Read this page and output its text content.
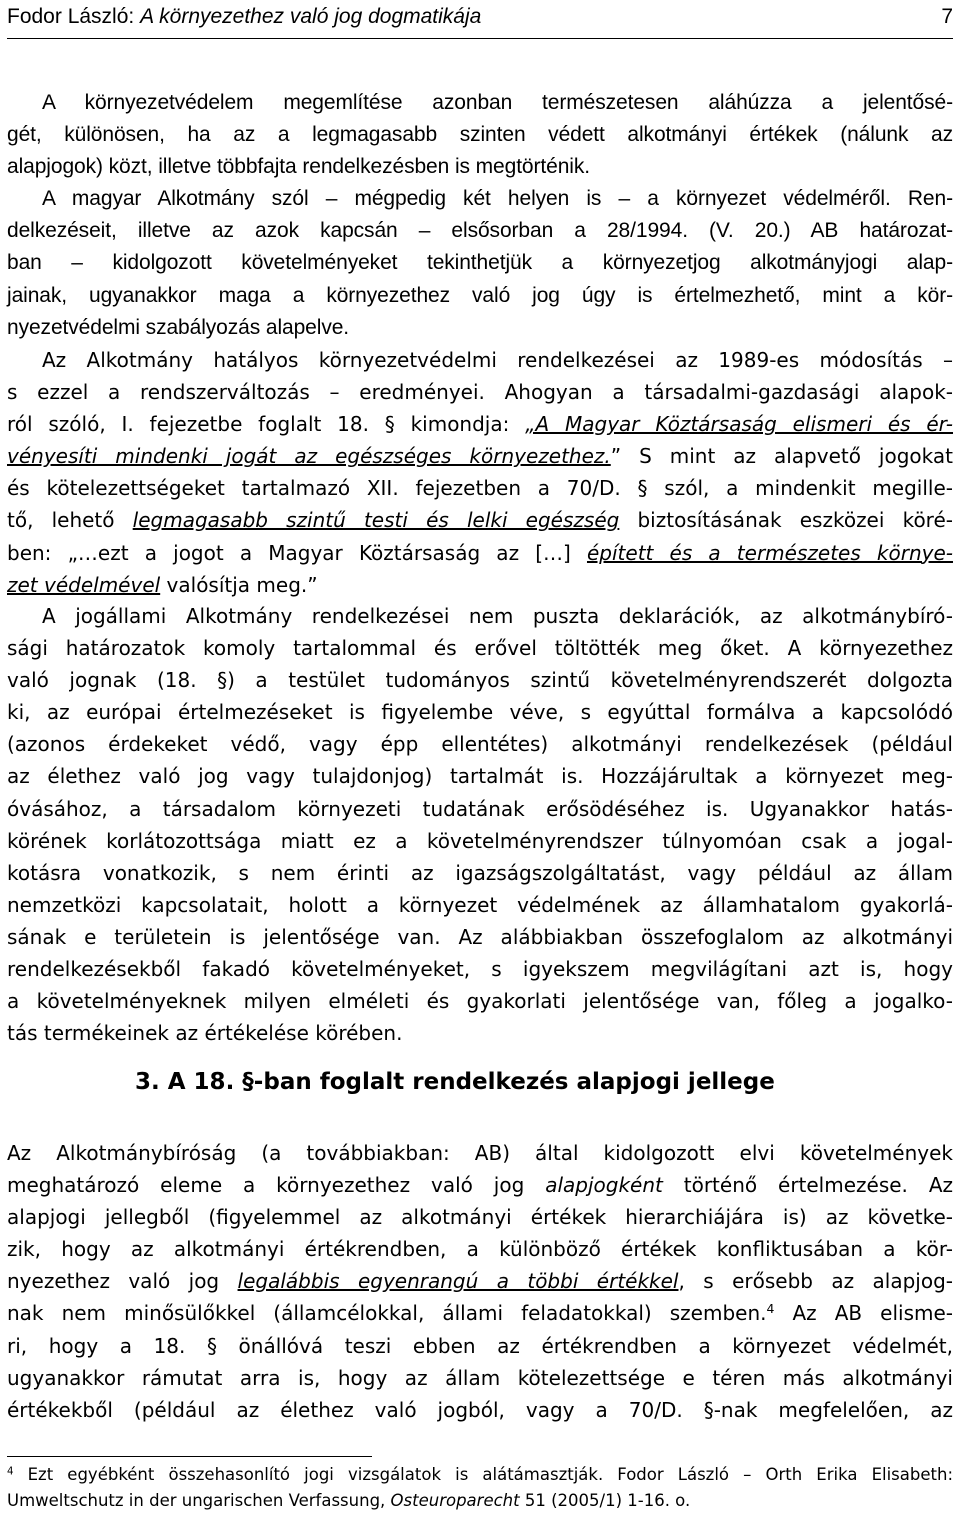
Fodor László: A környezethez való jog dogmatikája	7
A környezetvédelem megemlítése azonban természetesen aláhúzza a jelentősé-
gét, különösen, ha az a legmagasabb szinten védett alkotmányi értékek (nálunk az
alapjogok) közt, illetve többfajta rendelkezésben is megtörténik.
A magyar Alkotmány szól – mégpedig két helyen is – a környezet védelméről. Ren-
delkezéseit, illetve az azok kapcsán – elsősorban a 28/1994. (V. 20.) AB határozat-
ban – kidolgozott követelményeket tekinthetjük a környezetjog alkotmányjogi alap-
jainak, ugyanakkor maga a környezethez való jog úgy is értelmezhető, mint a kör-
nyezetvédelmi szabályozás alapelve.
Az Alkotmány hatályos környezetvédelmi rendelkezései az 1989-es módosítás –
s ezzel a rendszerváltozás – eredményei. Ahogyan a társadalmi-gazdasági alapok-
ról szóló, I. fejezetbe foglalt 18. § kimondja: „A Magyar Köztársaság elismeri és ér-
vényesíti mindenki jogát az egészséges környezethez.” S mint az alapvető jogokat
és kötelezettségeket tartalmazó XII. fejezetben a 70/D. § szól, a mindenkit megille-
tő, lehető legmagasabb szintű testi és lelki egészség biztosításának eszközei köré-
ben: „…ezt a jogot a Magyar Köztársaság az […] épített és a természetes környe-
zet védelmével valósítja meg.”
A jogállami Alkotmány rendelkezései nem puszta deklarációk, az alkotmánybíró-
sági határozatok komoly tartalommal és erővel töltötték meg őket. A környezethez
való jognak (18. §) a testület tudományos szintű követelményrendszerét dolgozta
ki, az európai értelmezéseket is figyelembe véve, s egyúttal formálva a kapcsolódó
(azonos érdekeket védő, vagy épp ellentétes) alkotmányi rendelkezések (például
az élethez való jog vagy tulajdonjog) tartalmát is. Hozzájárultak a környezet meg-
óvásához, a társadalom környezeti tudatának erősödéséhez is. Ugyanakkor hatás-
körének korlátozottsága miatt ez a követelményrendszer túlnyomóan csak a jogal-
kotásra vonatkozik, s nem érinti az igazságszolgáltatást, vagy például az állam
nemzetközi kapcsolatait, holott a környezet védelmének az államhatalom gyakorlá-
sának e területein is jelentősége van. Az alábbiakban összefoglalom az alkotmányi
rendelkezésekből fakadó követelményeket, s igyekszem megvilágítani azt is, hogy
a követelményeknek milyen elméleti és gyakorlati jelentősége van, főleg a jogalko-
tás termékeinek az értékelése körében.
3. A 18. §-ban foglalt rendelkezés alapjogi jellege
Az Alkotmánybíróság (a továbbiakban: AB) által kidolgozott elvi követelmények
meghatározó eleme a környezethez való jog alapjogként történő értelmezése. Az
alapjogi jellegből (figyelemmel az alkotmányi értékek hierarchiájára is) az követke-
zik, hogy az alkotmányi értékrendben, a különböző értékek konfliktusában a kör-
nyezethez való jog legalábbis egyenrangú a többi értékkel, s erősebb az alapjog-
nak nem minősülőkkel (államcélokkal, állami feladatokkal) szemben.$^4$ Az AB elisme-
ri, hogy a 18. § önállóvá teszi ebben az értékrendben a környezet védelmét,
ugyanakkor rámutat arra is, hogy az állam kötelezettsége e téren más alkotmányi
értékekből (például az élethez való jogból, vagy a 70/D. §-nak megfelelően, az
$^4$ Ezt egyébként összehasonlító jogi vizsgálatok is alátámasztják. Fodor László – Orth Erika Elisabeth:
Umweltschutz in der ungarischen Verfassung, Osteuroparecht 51 (2005/1) 1-16. o.
